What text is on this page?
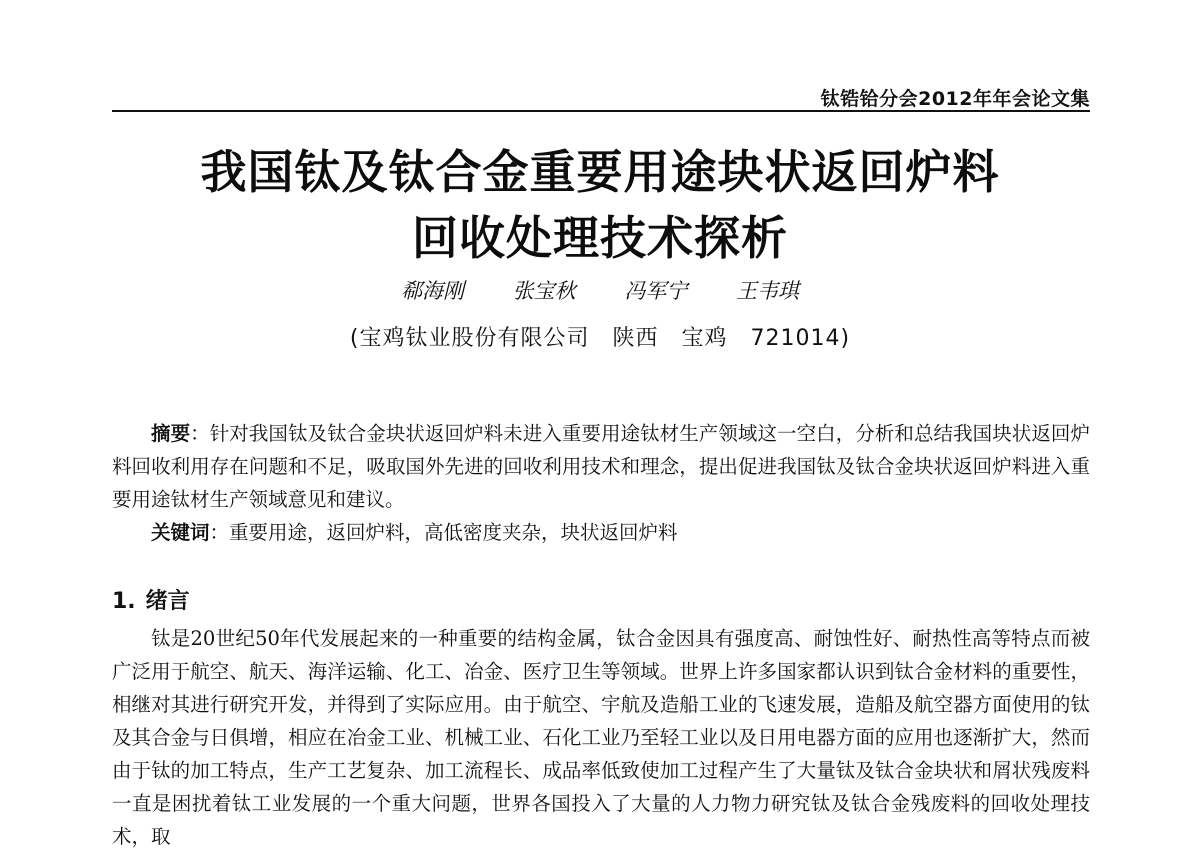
钛锆铪分会2012年年会论文集
我国钛及钛合金重要用途块状返回炉料
回收处理技术探析
郗海刚 张宝秋 冯军宁 王韦琪
(宝鸡钛业股份有限公司　陕西　宝鸡　721014)

摘要：针对我国钛及钛合金块状返回炉料未进入重要用途钛材生产领域这一空白，分析和总结我国块状返回炉料回收利用存在问题和不足，吸取国外先进的回收利用技术和理念，提出促进我国钛及钛合金块状返回炉料进入重要用途钛材生产领域意见和建议。

关键词：重要用途，返回炉料，高低密度夹杂，块状返回炉料

1. 绪言

钛是20世纪50年代发展起来的一种重要的结构金属，钛合金因具有强度高、耐蚀性好、耐热性高等特点而被广泛用于航空、航天、海洋运输、化工、冶金、医疗卫生等领域。世界上许多国家都认识到钛合金材料的重要性，相继对其进行研究开发，并得到了实际应用。由于航空、宇航及造船工业的飞速发展，造船及航空器方面使用的钛及其合金与日俱增，相应在冶金工业、机械工业、石化工业乃至轻工业以及日用电器方面的应用也逐渐扩大，然而由于钛的加工特点，生产工艺复杂、加工流程长、成品率低致使加工过程产生了大量钛及钛合金块状和屑状残废料一直是困扰着钛工业发展的一个重大问题，世界各国投入了大量的人力物力研究钛及钛合金残废料的回收处理技术，取
